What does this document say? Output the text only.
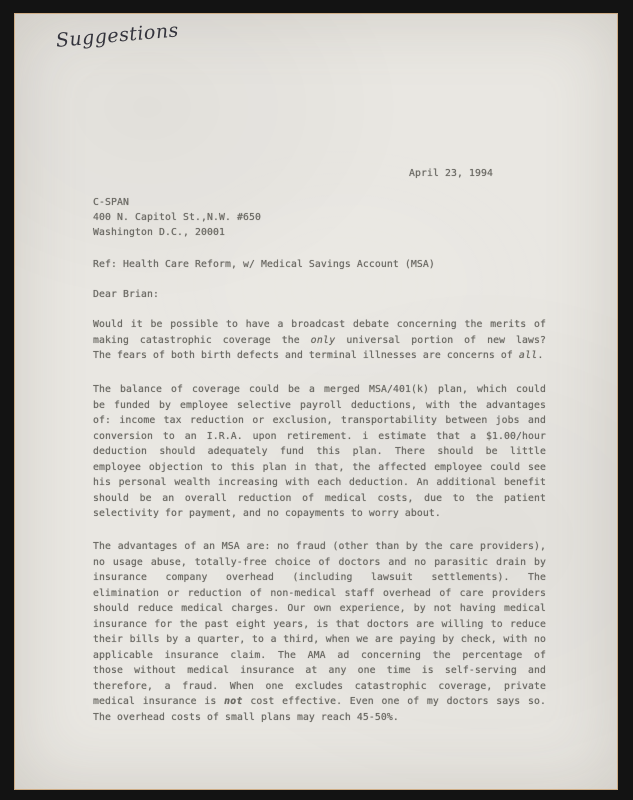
Suggestions
April 23, 1994
C-SPAN
400 N. Capitol St.,N.W. #650
Washington D.C., 20001
Ref: Health Care Reform, w/ Medical Savings Account (MSA)
Dear Brian:
Would it be possible to have a broadcast debate concerning the merits of
making catastrophic coverage the only universal portion of new laws?
The fears of both birth defects and terminal illnesses are concerns of all.
The balance of coverage could be a merged MSA/401(k) plan, which could
be funded by employee selective payroll deductions, with the advantages
of: income tax reduction or exclusion, transportability between jobs and
conversion to an I.R.A. upon retirement. i estimate that a $1.00/hour
deduction should adequately fund this plan. There should be little
employee objection to this plan in that, the affected employee could see
his personal wealth increasing with each deduction. An additional benefit
should be an overall reduction of medical costs, due to the patient
selectivity for payment, and no copayments to worry about.
The advantages of an MSA are: no fraud (other than by the care providers),
no usage abuse, totally-free choice of doctors and no parasitic drain by
insurance company overhead (including lawsuit settlements). The
elimination or reduction of non-medical staff overhead of care providers
should reduce medical charges. Our own experience, by not having medical
insurance for the past eight years, is that doctors are willing to reduce
their bills by a quarter, to a third, when we are paying by check, with no
applicable insurance claim. The AMA ad concerning the percentage of
those without medical insurance at any one time is self-serving and
therefore, a fraud. When one excludes catastrophic coverage, private
medical insurance is not cost effective. Even one of my doctors says so.
The overhead costs of small plans may reach 45-50%.
